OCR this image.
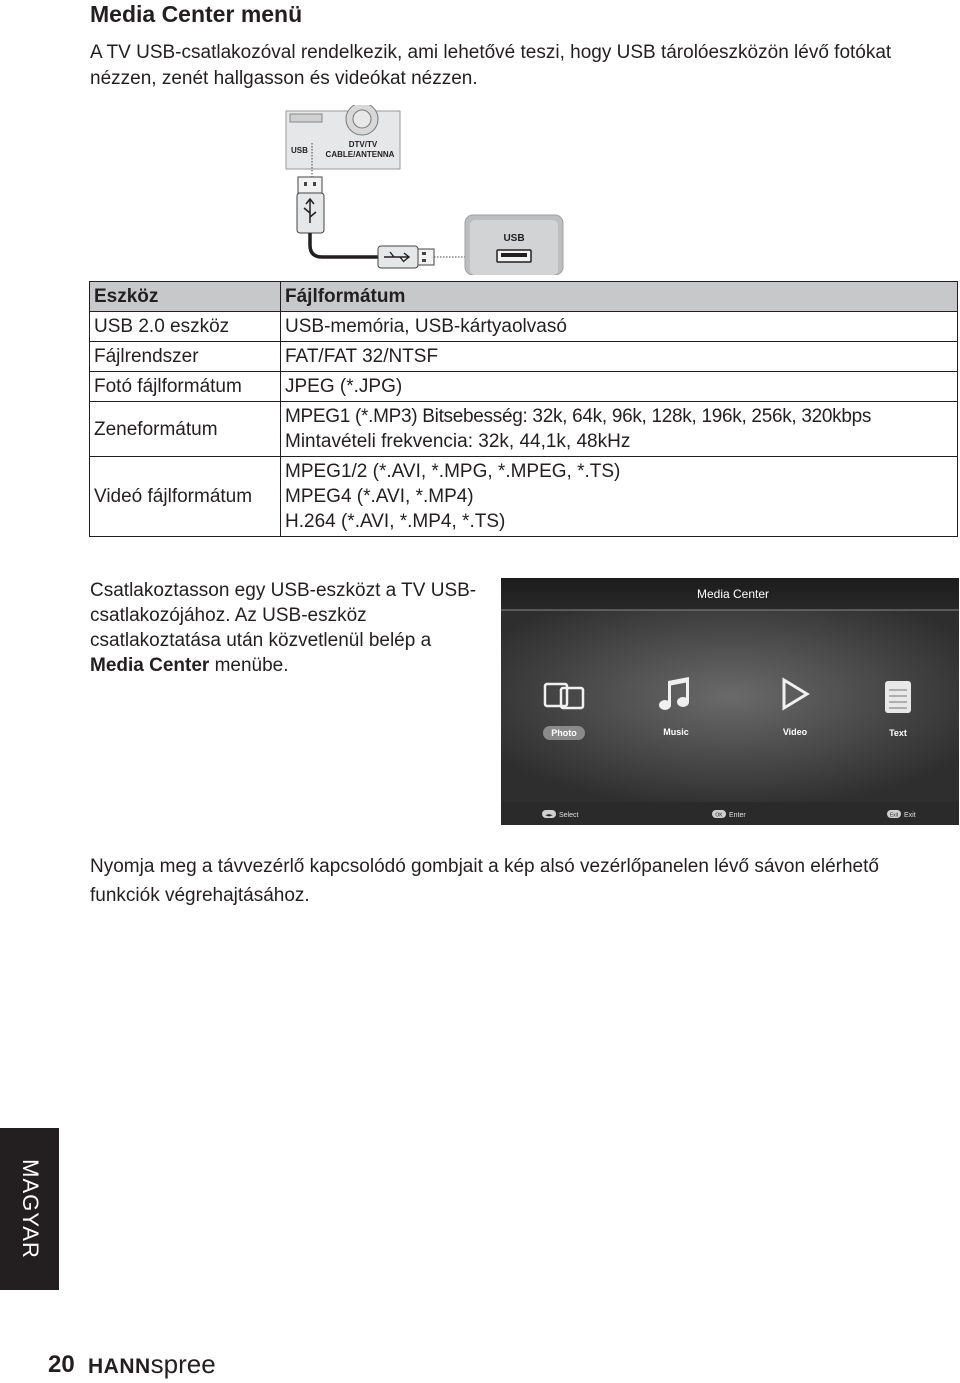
Media Center menü
A TV USB-csatlakozóval rendelkezik, ami lehetővé teszi, hogy USB tárolóeszközön lévő fotókat nézzen, zenét hallgasson és videókat nézzen.
USB
DTV/TV
CABLE/ANTENNA
USB
Eszköz	Fájlformátum
USB 2.0 eszköz	USB-memória, USB-kártyaolvasó
Fájlrendszer	FAT/FAT 32/NTSF
Fotó fájlformátum	JPEG (*.JPG)
Zeneformátum	MPEG1 (*.MP3) Bitsebesség: 32k, 64k, 96k, 128k, 196k, 256k, 320kbps
Mintavételi frekvencia: 32k, 44,1k, 48kHz

Videó fájlformátum	MPEG1/2 (*.AVI, *.MPG, *.MPEG, *.TS)
MPEG4 (*.AVI, *.MP4)
H.264 (*.AVI, *.MP4, *.TS)
Csatlakoztasson egy USB-eszközt a TV USB-csatlakozójához. Az USB-eszköz csatlakoztatása után közvetlenül belép a Media Center menübe.
Media Center
Photo	Music	Video	Text
◄► Select	OK Enter	Exit Exit
Nyomja meg a távvezérlő kapcsolódó gombjait a kép alsó vezérlőpanelen lévő sávon elérhető funkciók végrehajtásához.
MAGYAR
20 HANNspree
